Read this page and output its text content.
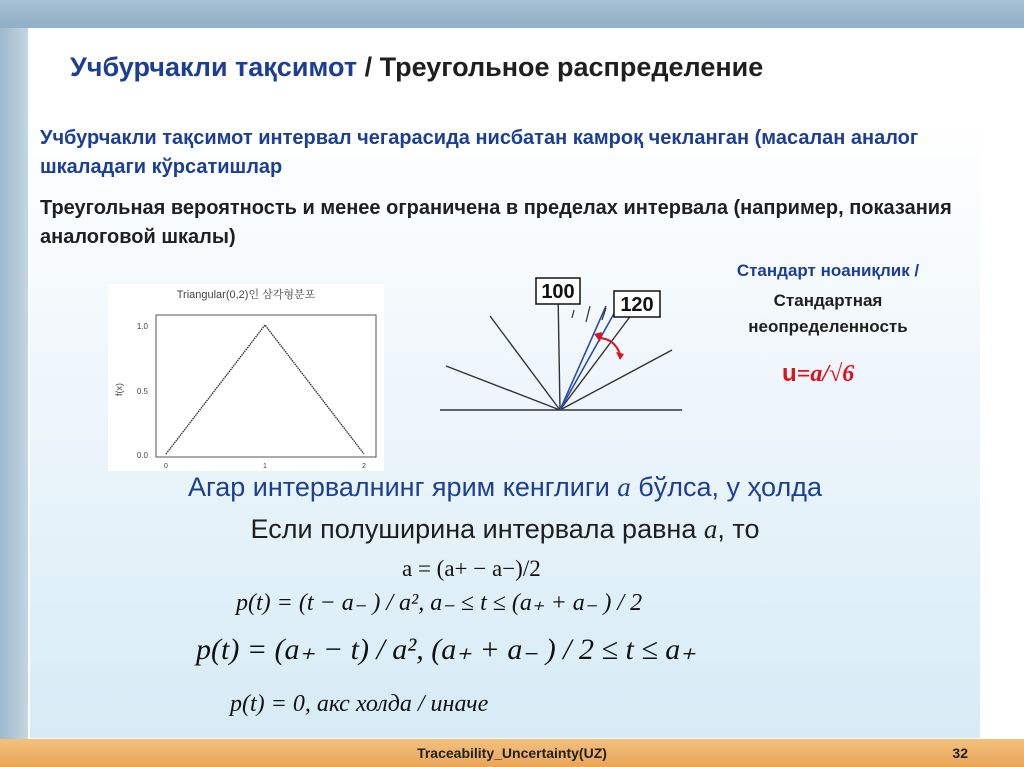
Учбурчакли тақсимот / Треугольное распределение

Учбурчакли тақсимот интервал чегарасида нисбатан камроқ чекланган (масалан аналог шкаладаги кўрсатишлар

Треугольная вероятность и менее ограничена в пределах интервала (например, показания аналоговой шкалы)

Triangular(0,2)인 삼각형분포
f(x)
1.0
0.5
0.0
0	1	2
100
120

Стандарт ноаниқлик /

Стандартная
неопределенность

u=a/√6

Агар интервалнинг ярим кенглиги a бўлса, у ҳолда

Если полуширина интервала равна a, то

a = (a+ − a−)/2

p(t) = (t − a₋ ) / a², a₋ ≤ t ≤ (a₊ + a₋ ) / 2

p(t) = (a₊ − t) / a², (a₊ + a₋ ) / 2 ≤ t ≤ a₊

p(t) = 0, акс холда / иначе

Traceability_Uncertainty(UZ)	32
